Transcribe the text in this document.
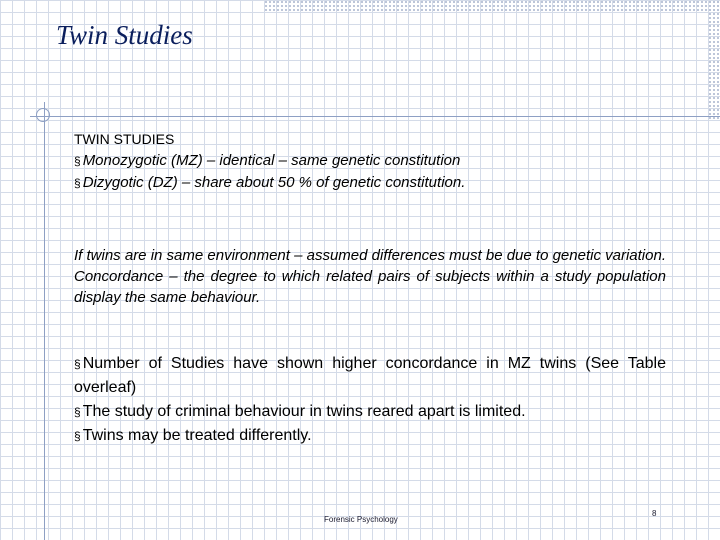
Twin Studies

TWIN STUDIES

§ Monozygotic (MZ) – identical – same genetic constitution

§ Dizygotic (DZ) – share about 50 % of genetic constitution.

If twins are in same environment – assumed differences must be due to genetic variation. Concordance – the degree to which related pairs of subjects within a study population display the same behaviour.

§ Number of Studies have shown higher concordance in MZ twins (See Table overleaf)

§ The study of criminal behaviour in twins reared apart is limited.

§ Twins may be treated differently.

Forensic Psychology
8
